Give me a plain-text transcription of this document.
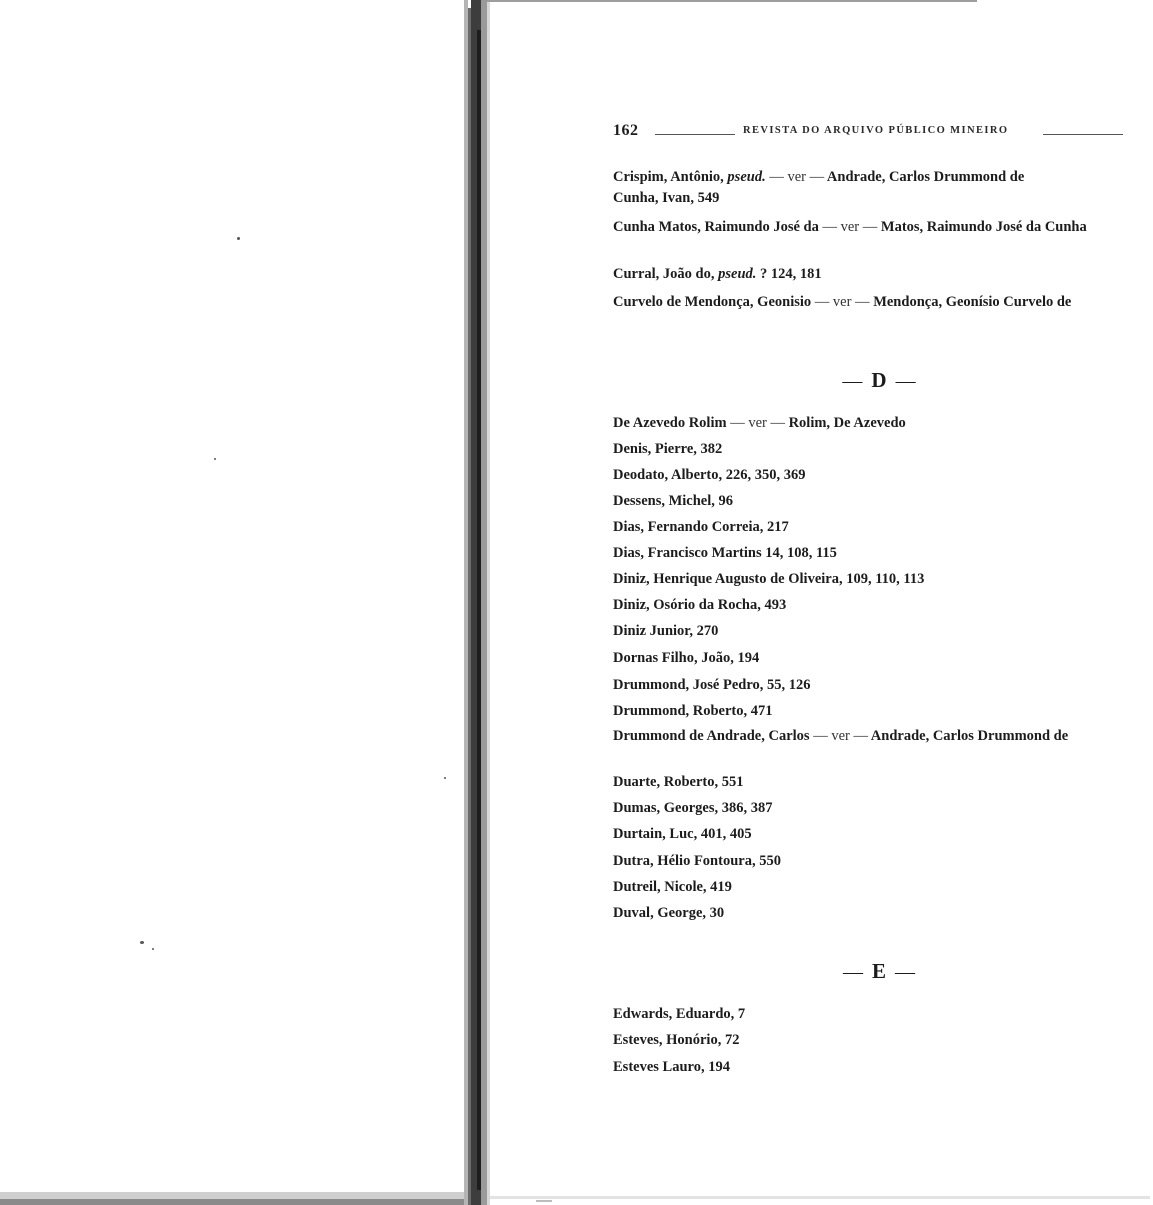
162	REVISTA DO ARQUIVO PÚBLICO MINEIRO
Crispim, Antônio, pseud. — ver — Andrade, Carlos Drummond de
Cunha, Ivan, 549
Cunha Matos, Raimundo José da — ver — Matos, Raimundo José da Cunha
Curral, João do, pseud. ? 124, 181
Curvelo de Mendonça, Geonisio — ver — Mendonça, Geonísio Curvelo de
— D —
De Azevedo Rolim — ver — Rolim, De Azevedo
Denis, Pierre, 382
Deodato, Alberto, 226, 350, 369
Dessens, Michel, 96
Dias, Fernando Correia, 217
Dias, Francisco Martins 14, 108, 115
Diniz, Henrique Augusto de Oliveira, 109, 110, 113
Diniz, Osório da Rocha, 493
Diniz Junior, 270
Dornas Filho, João, 194
Drummond, José Pedro, 55, 126
Drummond, Roberto, 471
Drummond de Andrade, Carlos — ver — Andrade, Carlos Drummond de
Duarte, Roberto, 551
Dumas, Georges, 386, 387
Durtain, Luc, 401, 405
Dutra, Hélio Fontoura, 550
Dutreil, Nicole, 419
Duval, George, 30
— E —
Edwards, Eduardo, 7
Esteves, Honório, 72
Esteves Lauro, 194
